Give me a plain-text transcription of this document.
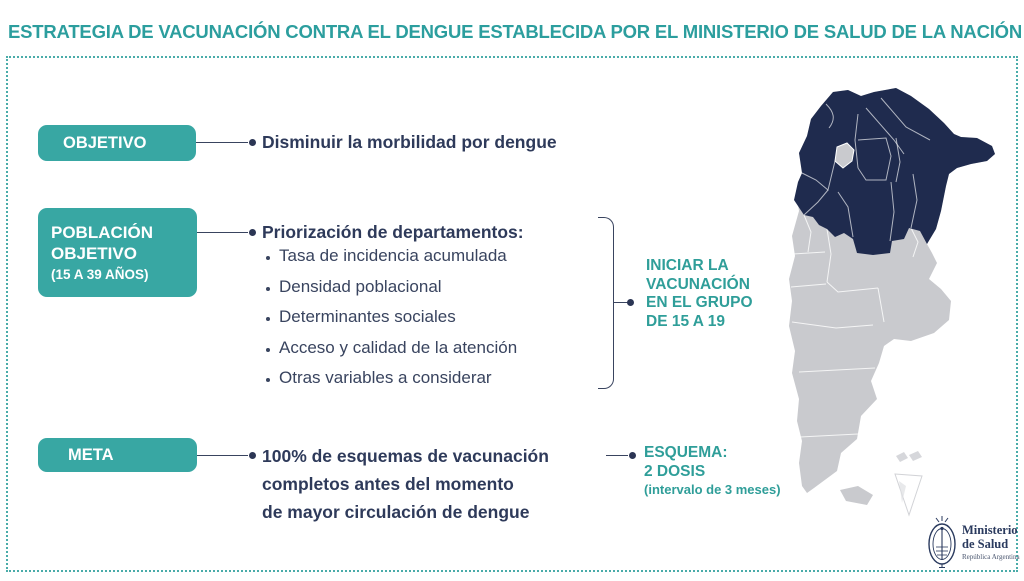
ESTRATEGIA DE VACUNACIÓN CONTRA EL DENGUE ESTABLECIDA POR EL MINISTERIO DE SALUD DE LA NACIÓN
OBJETIVO	Disminuir la morbilidad por dengue
POBLACIÓN
OBJETIVO
(15 A 39 AÑOS)
Priorización de departamentos:
Tasa de incidencia acumulada
Densidad poblacional
Determinantes sociales
Acceso y calidad de la atención
Otras variables a considerar
INICIAR LA
VACUNACIÓN
EN EL GRUPO
DE 15 A 19
META	100% de esquemas de vacunación
completos antes del momento
de mayor circulación de dengue
ESQUEMA:
2 DOSIS
(intervalo de 3 meses)
Ministerio
de Salud
República Argentina
